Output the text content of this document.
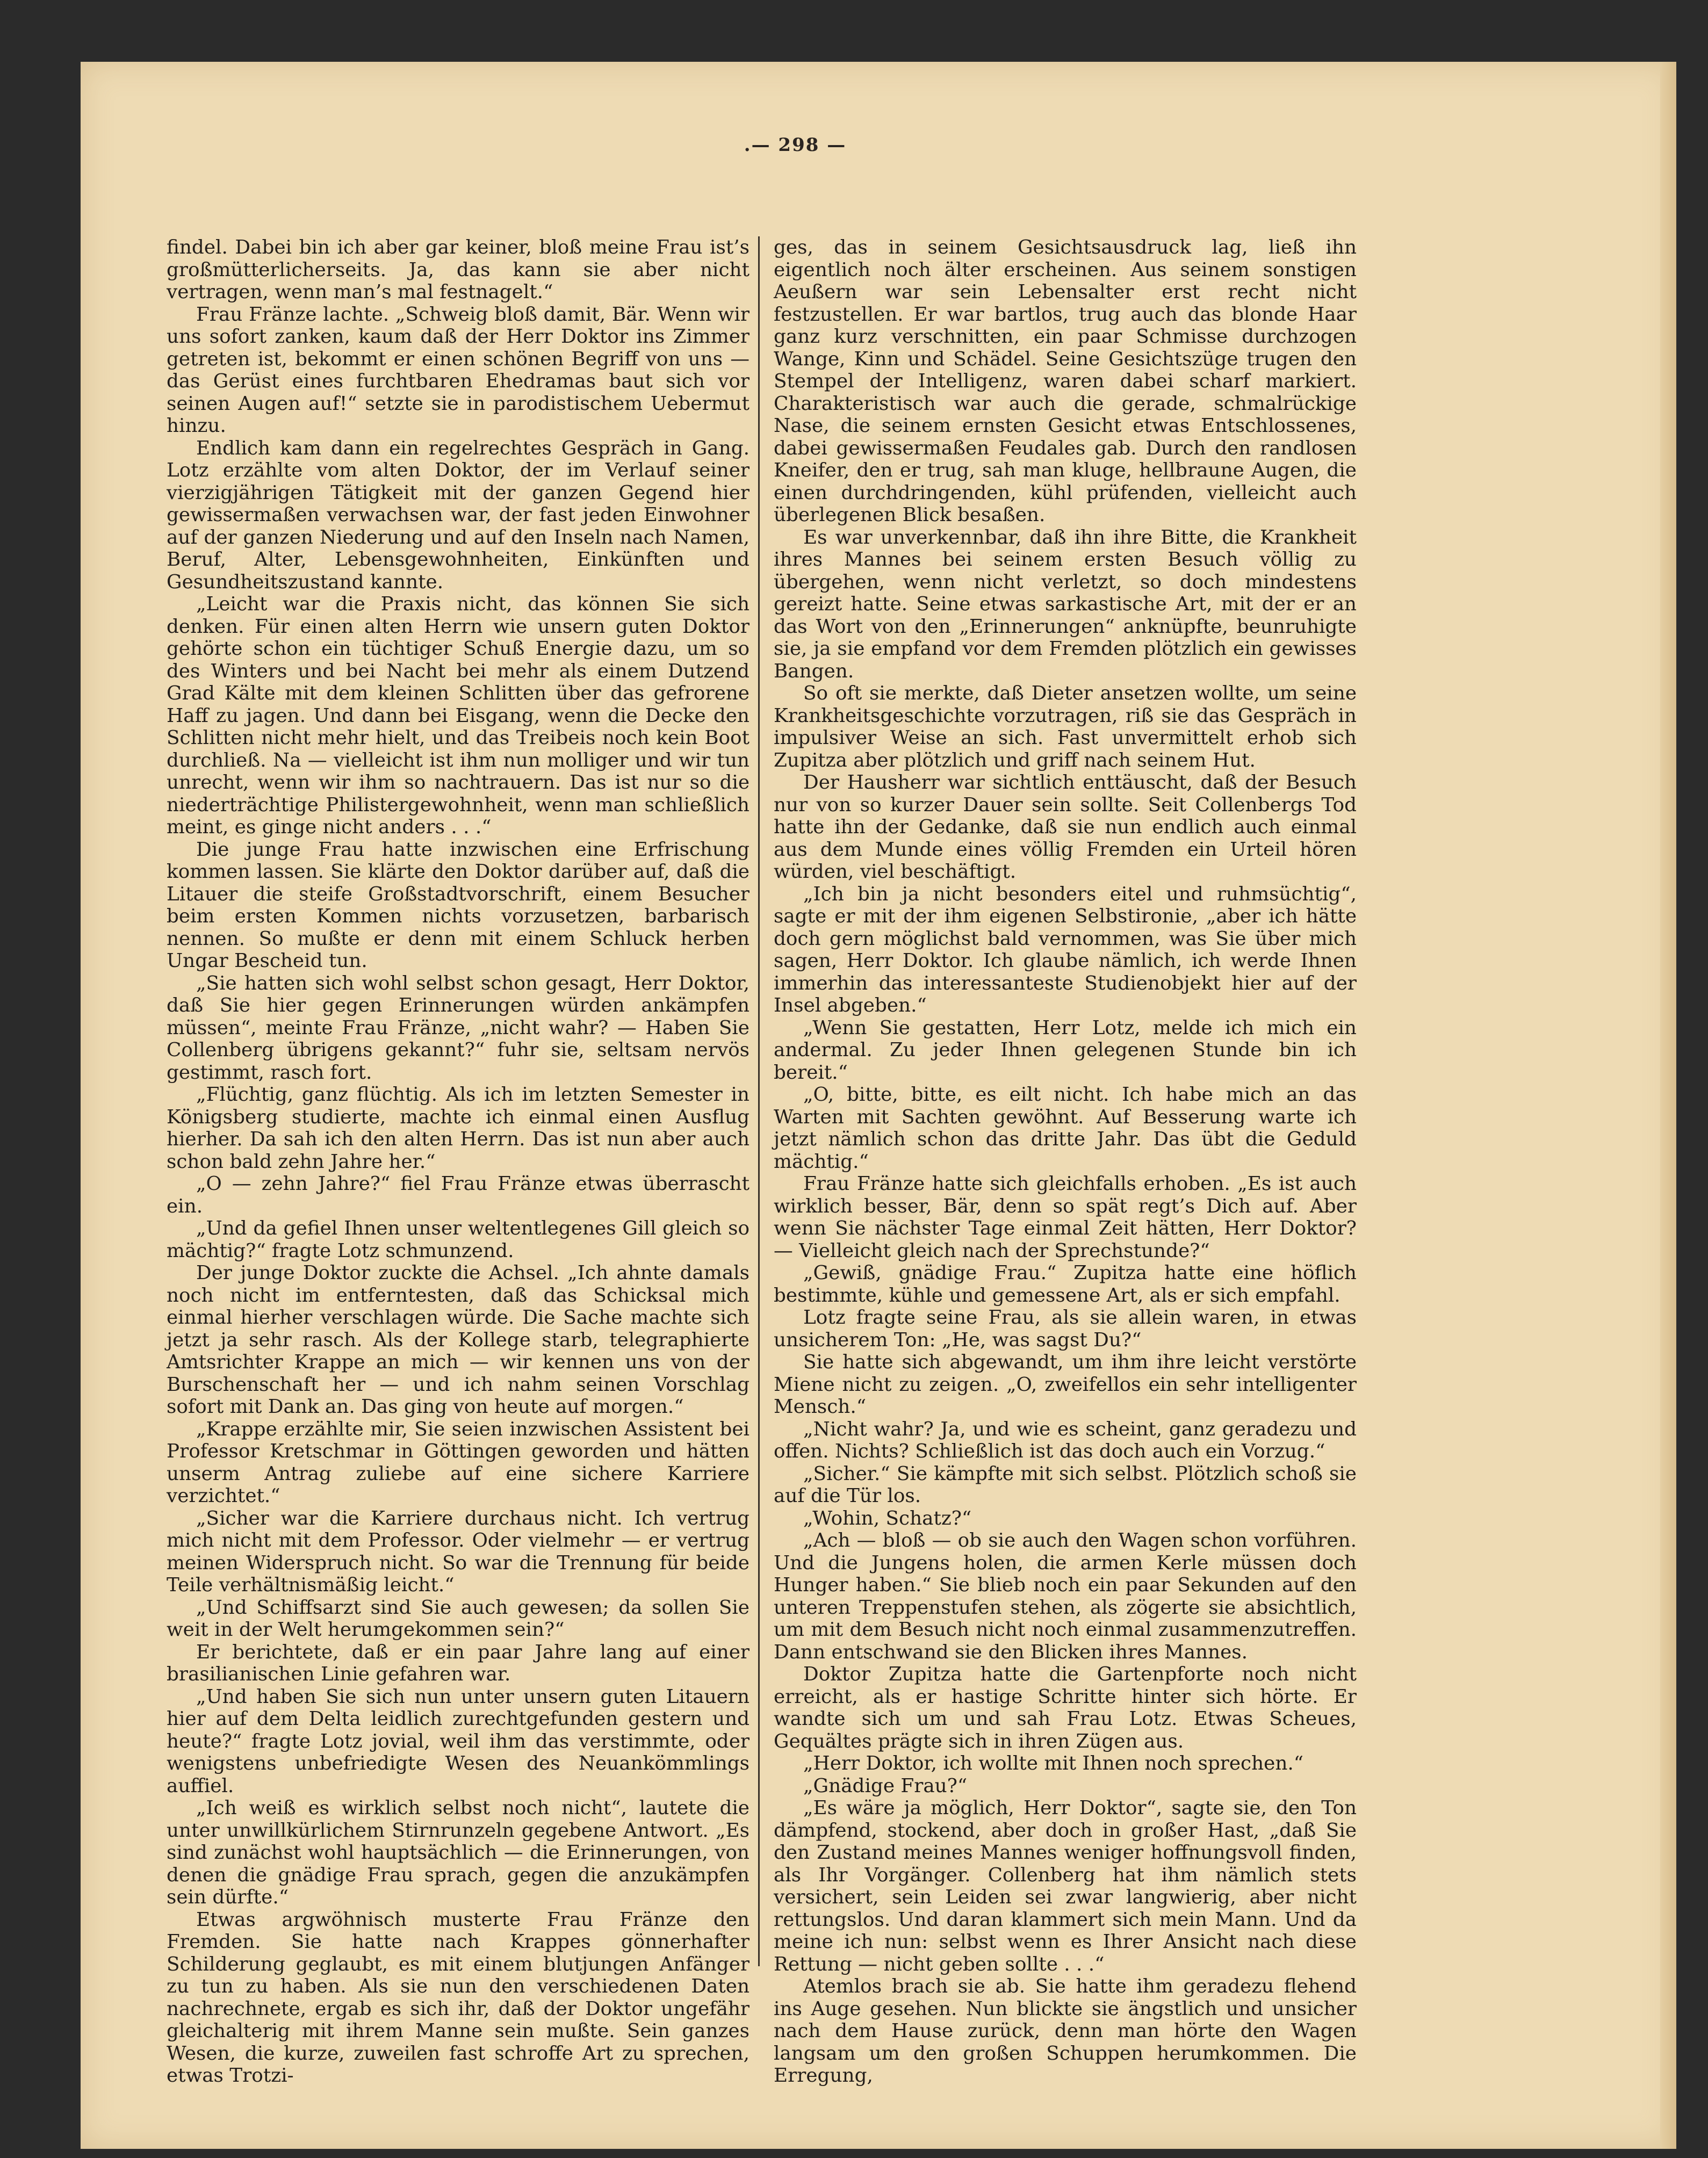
.— 298 —

findel. Dabei bin ich aber gar keiner, bloß meine Frau ist’s großmütterlicherseits. Ja, das kann sie aber nicht vertragen, wenn man’s mal festnagelt.“

Frau Fränze lachte. „Schweig bloß damit, Bär. Wenn wir uns sofort zanken, kaum daß der Herr Doktor ins Zimmer getreten ist, bekommt er einen schönen Begriff von uns — das Gerüst eines furchtbaren Ehedramas baut sich vor seinen Augen auf!“ setzte sie in parodistischem Uebermut hinzu.

Endlich kam dann ein regelrechtes Gespräch in Gang. Lotz erzählte vom alten Doktor, der im Verlauf seiner vierzigjährigen Tätigkeit mit der ganzen Gegend hier gewissermaßen verwachsen war, der fast jeden Einwohner auf der ganzen Niederung und auf den Inseln nach Namen, Beruf, Alter, Lebensgewohnheiten, Einkünften und Gesundheitszustand kannte.

„Leicht war die Praxis nicht, das können Sie sich denken. Für einen alten Herrn wie unsern guten Doktor gehörte schon ein tüchtiger Schuß Energie dazu, um so des Winters und bei Nacht bei mehr als einem Dutzend Grad Kälte mit dem kleinen Schlitten über das gefrorene Haff zu jagen. Und dann bei Eisgang, wenn die Decke den Schlitten nicht mehr hielt, und das Treibeis noch kein Boot durchließ. Na — vielleicht ist ihm nun molliger und wir tun unrecht, wenn wir ihm so nachtrauern. Das ist nur so die niederträchtige Philistergewohnheit, wenn man schließlich meint, es ginge nicht anders . . .“

Die junge Frau hatte inzwischen eine Erfrischung kommen lassen. Sie klärte den Doktor darüber auf, daß die Litauer die steife Großstadtvorschrift, einem Besucher beim ersten Kommen nichts vorzusetzen, barbarisch nennen. So mußte er denn mit einem Schluck herben Ungar Bescheid tun.

„Sie hatten sich wohl selbst schon gesagt, Herr Doktor, daß Sie hier gegen Erinnerungen würden ankämpfen müssen“, meinte Frau Fränze, „nicht wahr? — Haben Sie Collenberg übrigens gekannt?“ fuhr sie, seltsam nervös gestimmt, rasch fort.

„Flüchtig, ganz flüchtig. Als ich im letzten Semester in Königsberg studierte, machte ich einmal einen Ausflug hierher. Da sah ich den alten Herrn. Das ist nun aber auch schon bald zehn Jahre her.“

„O — zehn Jahre?“ fiel Frau Fränze etwas überrascht ein.

„Und da gefiel Ihnen unser weltentlegenes Gill gleich so mächtig?“ fragte Lotz schmunzend.

Der junge Doktor zuckte die Achsel. „Ich ahnte damals noch nicht im entferntesten, daß das Schicksal mich einmal hierher verschlagen würde. Die Sache machte sich jetzt ja sehr rasch. Als der Kollege starb, telegraphierte Amtsrichter Krappe an mich — wir kennen uns von der Burschenschaft her — und ich nahm seinen Vorschlag sofort mit Dank an. Das ging von heute auf morgen.“

„Krappe erzählte mir, Sie seien inzwischen Assistent bei Professor Kretschmar in Göttingen geworden und hätten unserm Antrag zuliebe auf eine sichere Karriere verzichtet.“

„Sicher war die Karriere durchaus nicht. Ich vertrug mich nicht mit dem Professor. Oder vielmehr — er vertrug meinen Widerspruch nicht. So war die Trennung für beide Teile verhältnismäßig leicht.“

„Und Schiffsarzt sind Sie auch gewesen; da sollen Sie weit in der Welt herumgekommen sein?“

Er berichtete, daß er ein paar Jahre lang auf einer brasilianischen Linie gefahren war.

„Und haben Sie sich nun unter unsern guten Litauern hier auf dem Delta leidlich zurechtgefunden gestern und heute?“ fragte Lotz jovial, weil ihm das verstimmte, oder wenigstens unbefriedigte Wesen des Neuankömmlings auffiel.

„Ich weiß es wirklich selbst noch nicht“, lautete die unter unwillkürlichem Stirnrunzeln gegebene Antwort. „Es sind zunächst wohl hauptsächlich — die Erinnerungen, von denen die gnädige Frau sprach, gegen die anzukämpfen sein dürfte.“

Etwas argwöhnisch musterte Frau Fränze den Fremden. Sie hatte nach Krappes gönnerhafter Schilderung geglaubt, es mit einem blutjungen Anfänger zu tun zu haben. Als sie nun den verschiedenen Daten nachrechnete, ergab es sich ihr, daß der Doktor ungefähr gleichalterig mit ihrem Manne sein mußte. Sein ganzes Wesen, die kurze, zuweilen fast schroffe Art zu sprechen, etwas Trotzi-

ges, das in seinem Gesichtsausdruck lag, ließ ihn eigentlich noch älter erscheinen. Aus seinem sonstigen Aeußern war sein Lebensalter erst recht nicht festzustellen. Er war bartlos, trug auch das blonde Haar ganz kurz verschnitten, ein paar Schmisse durchzogen Wange, Kinn und Schädel. Seine Gesichtszüge trugen den Stempel der Intelligenz, waren dabei scharf markiert. Charakteristisch war auch die gerade, schmalrückige Nase, die seinem ernsten Gesicht etwas Entschlossenes, dabei gewissermaßen Feudales gab. Durch den randlosen Kneifer, den er trug, sah man kluge, hellbraune Augen, die einen durchdringenden, kühl prüfenden, vielleicht auch überlegenen Blick besaßen.

Es war unverkennbar, daß ihn ihre Bitte, die Krankheit ihres Mannes bei seinem ersten Besuch völlig zu übergehen, wenn nicht verletzt, so doch mindestens gereizt hatte. Seine etwas sarkastische Art, mit der er an das Wort von den „Erinnerungen“ anknüpfte, beunruhigte sie, ja sie empfand vor dem Fremden plötzlich ein gewisses Bangen.

So oft sie merkte, daß Dieter ansetzen wollte, um seine Krankheitsgeschichte vorzutragen, riß sie das Gespräch in impulsiver Weise an sich. Fast unvermittelt erhob sich Zupitza aber plötzlich und griff nach seinem Hut.

Der Hausherr war sichtlich enttäuscht, daß der Besuch nur von so kurzer Dauer sein sollte. Seit Collenbergs Tod hatte ihn der Gedanke, daß sie nun endlich auch einmal aus dem Munde eines völlig Fremden ein Urteil hören würden, viel beschäftigt.

„Ich bin ja nicht besonders eitel und ruhmsüchtig“, sagte er mit der ihm eigenen Selbstironie, „aber ich hätte doch gern möglichst bald vernommen, was Sie über mich sagen, Herr Doktor. Ich glaube nämlich, ich werde Ihnen immerhin das interessanteste Studienobjekt hier auf der Insel abgeben.“

„Wenn Sie gestatten, Herr Lotz, melde ich mich ein andermal. Zu jeder Ihnen gelegenen Stunde bin ich bereit.“

„O, bitte, bitte, es eilt nicht. Ich habe mich an das Warten mit Sachten gewöhnt. Auf Besserung warte ich jetzt nämlich schon das dritte Jahr. Das übt die Geduld mächtig.“

Frau Fränze hatte sich gleichfalls erhoben. „Es ist auch wirklich besser, Bär, denn so spät regt’s Dich auf. Aber wenn Sie nächster Tage einmal Zeit hätten, Herr Doktor? — Vielleicht gleich nach der Sprechstunde?“

„Gewiß, gnädige Frau.“ Zupitza hatte eine höflich bestimmte, kühle und gemessene Art, als er sich empfahl.

Lotz fragte seine Frau, als sie allein waren, in etwas unsicherem Ton: „He, was sagst Du?“

Sie hatte sich abgewandt, um ihm ihre leicht verstörte Miene nicht zu zeigen. „O, zweifellos ein sehr intelligenter Mensch.“

„Nicht wahr? Ja, und wie es scheint, ganz geradezu und offen. Nichts? Schließlich ist das doch auch ein Vorzug.“

„Sicher.“ Sie kämpfte mit sich selbst. Plötzlich schoß sie auf die Tür los.

„Wohin, Schatz?“

„Ach — bloß — ob sie auch den Wagen schon vorführen. Und die Jungens holen, die armen Kerle müssen doch Hunger haben.“ Sie blieb noch ein paar Sekunden auf den unteren Treppenstufen stehen, als zögerte sie absichtlich, um mit dem Besuch nicht noch einmal zusammenzutreffen. Dann entschwand sie den Blicken ihres Mannes.

Doktor Zupitza hatte die Gartenpforte noch nicht erreicht, als er hastige Schritte hinter sich hörte. Er wandte sich um und sah Frau Lotz. Etwas Scheues, Gequältes prägte sich in ihren Zügen aus.

„Herr Doktor, ich wollte mit Ihnen noch sprechen.“

„Gnädige Frau?“

„Es wäre ja möglich, Herr Doktor“, sagte sie, den Ton dämpfend, stockend, aber doch in großer Hast, „daß Sie den Zustand meines Mannes weniger hoffnungsvoll finden, als Ihr Vorgänger. Collenberg hat ihm nämlich stets versichert, sein Leiden sei zwar langwierig, aber nicht rettungslos. Und daran klammert sich mein Mann. Und da meine ich nun: selbst wenn es Ihrer Ansicht nach diese Rettung — nicht geben sollte . . .“

Atemlos brach sie ab. Sie hatte ihm geradezu flehend ins Auge gesehen. Nun blickte sie ängstlich und unsicher nach dem Hause zurück, denn man hörte den Wagen langsam um den großen Schuppen herumkommen. Die Erregung,
